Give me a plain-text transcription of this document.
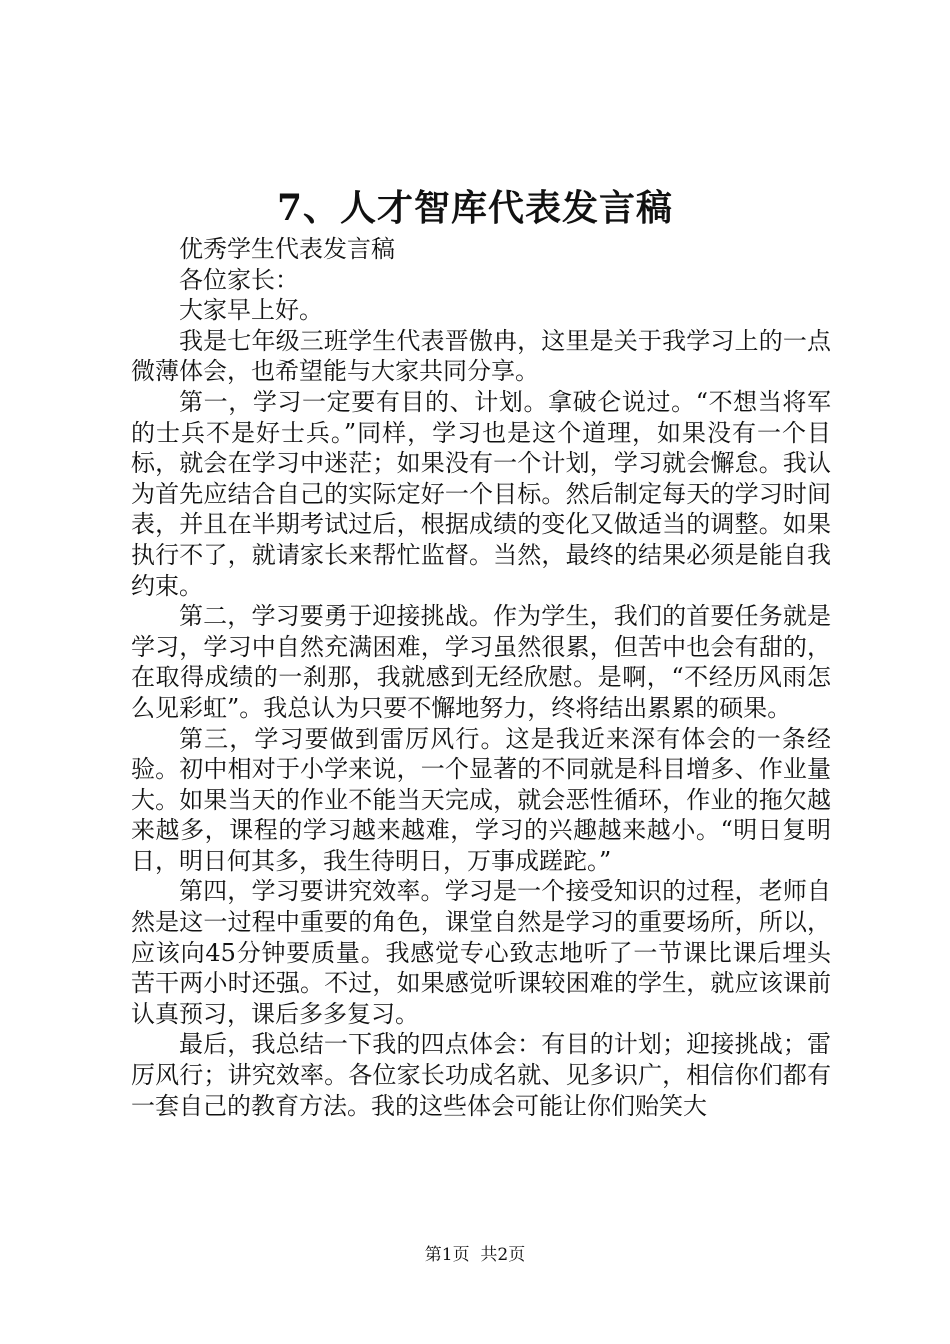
7、人才智库代表发言稿

优秀学生代表发言稿

各位家长：

大家早上好。

我是七年级三班学生代表晋傲冉，这里是关于我学习上的一点微薄体会，也希望能与大家共同分享。

第一，学习一定要有目的、计划。拿破仑说过。“不想当将军的士兵不是好士兵。”同样，学习也是这个道理，如果没有一个目标，就会在学习中迷茫；如果没有一个计划，学习就会懈怠。我认为首先应结合自己的实际定好一个目标。然后制定每天的学习时间表，并且在半期考试过后，根据成绩的变化又做适当的调整。如果执行不了，就请家长来帮忙监督。当然，最终的结果必须是能自我约束。

第二，学习要勇于迎接挑战。作为学生，我们的首要任务就是学习，学习中自然充满困难，学习虽然很累，但苦中也会有甜的，在取得成绩的一刹那，我就感到无经欣慰。是啊，“不经历风雨怎么见彩虹”。我总认为只要不懈地努力，终将结出累累的硕果。

第三，学习要做到雷厉风行。这是我近来深有体会的一条经验。初中相对于小学来说，一个显著的不同就是科目增多、作业量大。如果当天的作业不能当天完成，就会恶性循环，作业的拖欠越来越多，课程的学习越来越难，学习的兴趣越来越小。“明日复明日，明日何其多，我生待明日，万事成蹉跎。”

第四，学习要讲究效率。学习是一个接受知识的过程，老师自然是这一过程中重要的角色，课堂自然是学习的重要场所，所以，应该向45分钟要质量。我感觉专心致志地听了一节课比课后埋头苦干两小时还强。不过，如果感觉听课较困难的学生，就应该课前认真预习，课后多多复习。

最后，我总结一下我的四点体会：有目的计划；迎接挑战；雷厉风行；讲究效率。各位家长功成名就、见多识广，相信你们都有一套自己的教育方法。我的这些体会可能让你们贻笑大

第1页  共2页
